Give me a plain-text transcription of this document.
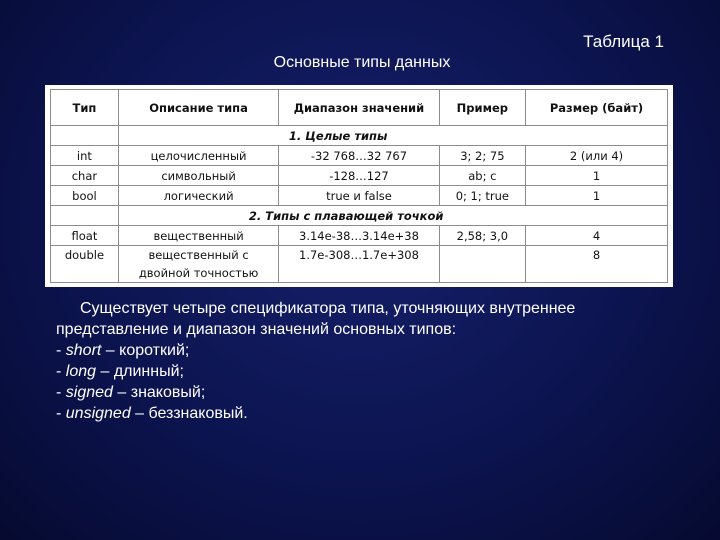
Таблица 1
Основные типы данных
Тип	Описание типа	Диапазон значений	Пример	Размер (байт)
	1. Целые типы			
int	целочисленный	-32 768…32 767	3; 2; 75	2 (или 4)
char	символьный	-128…127	ab; c	1
bool	логический	true и false	0; 1; true	1
	2. Типы с плавающей точкой			
float	вещественный	3.14e-38…3.14e+38	2,58; 3,0	4
double	вещественный с двойной точностью	1.7e-308…1.7e+308		8

Существует четыре спецификатора типа, уточняющих внутреннее представление и диапазон значений основных типов:

- short – короткий;

- long – длинный;

- signed – знаковый;

- unsigned – беззнаковый.
